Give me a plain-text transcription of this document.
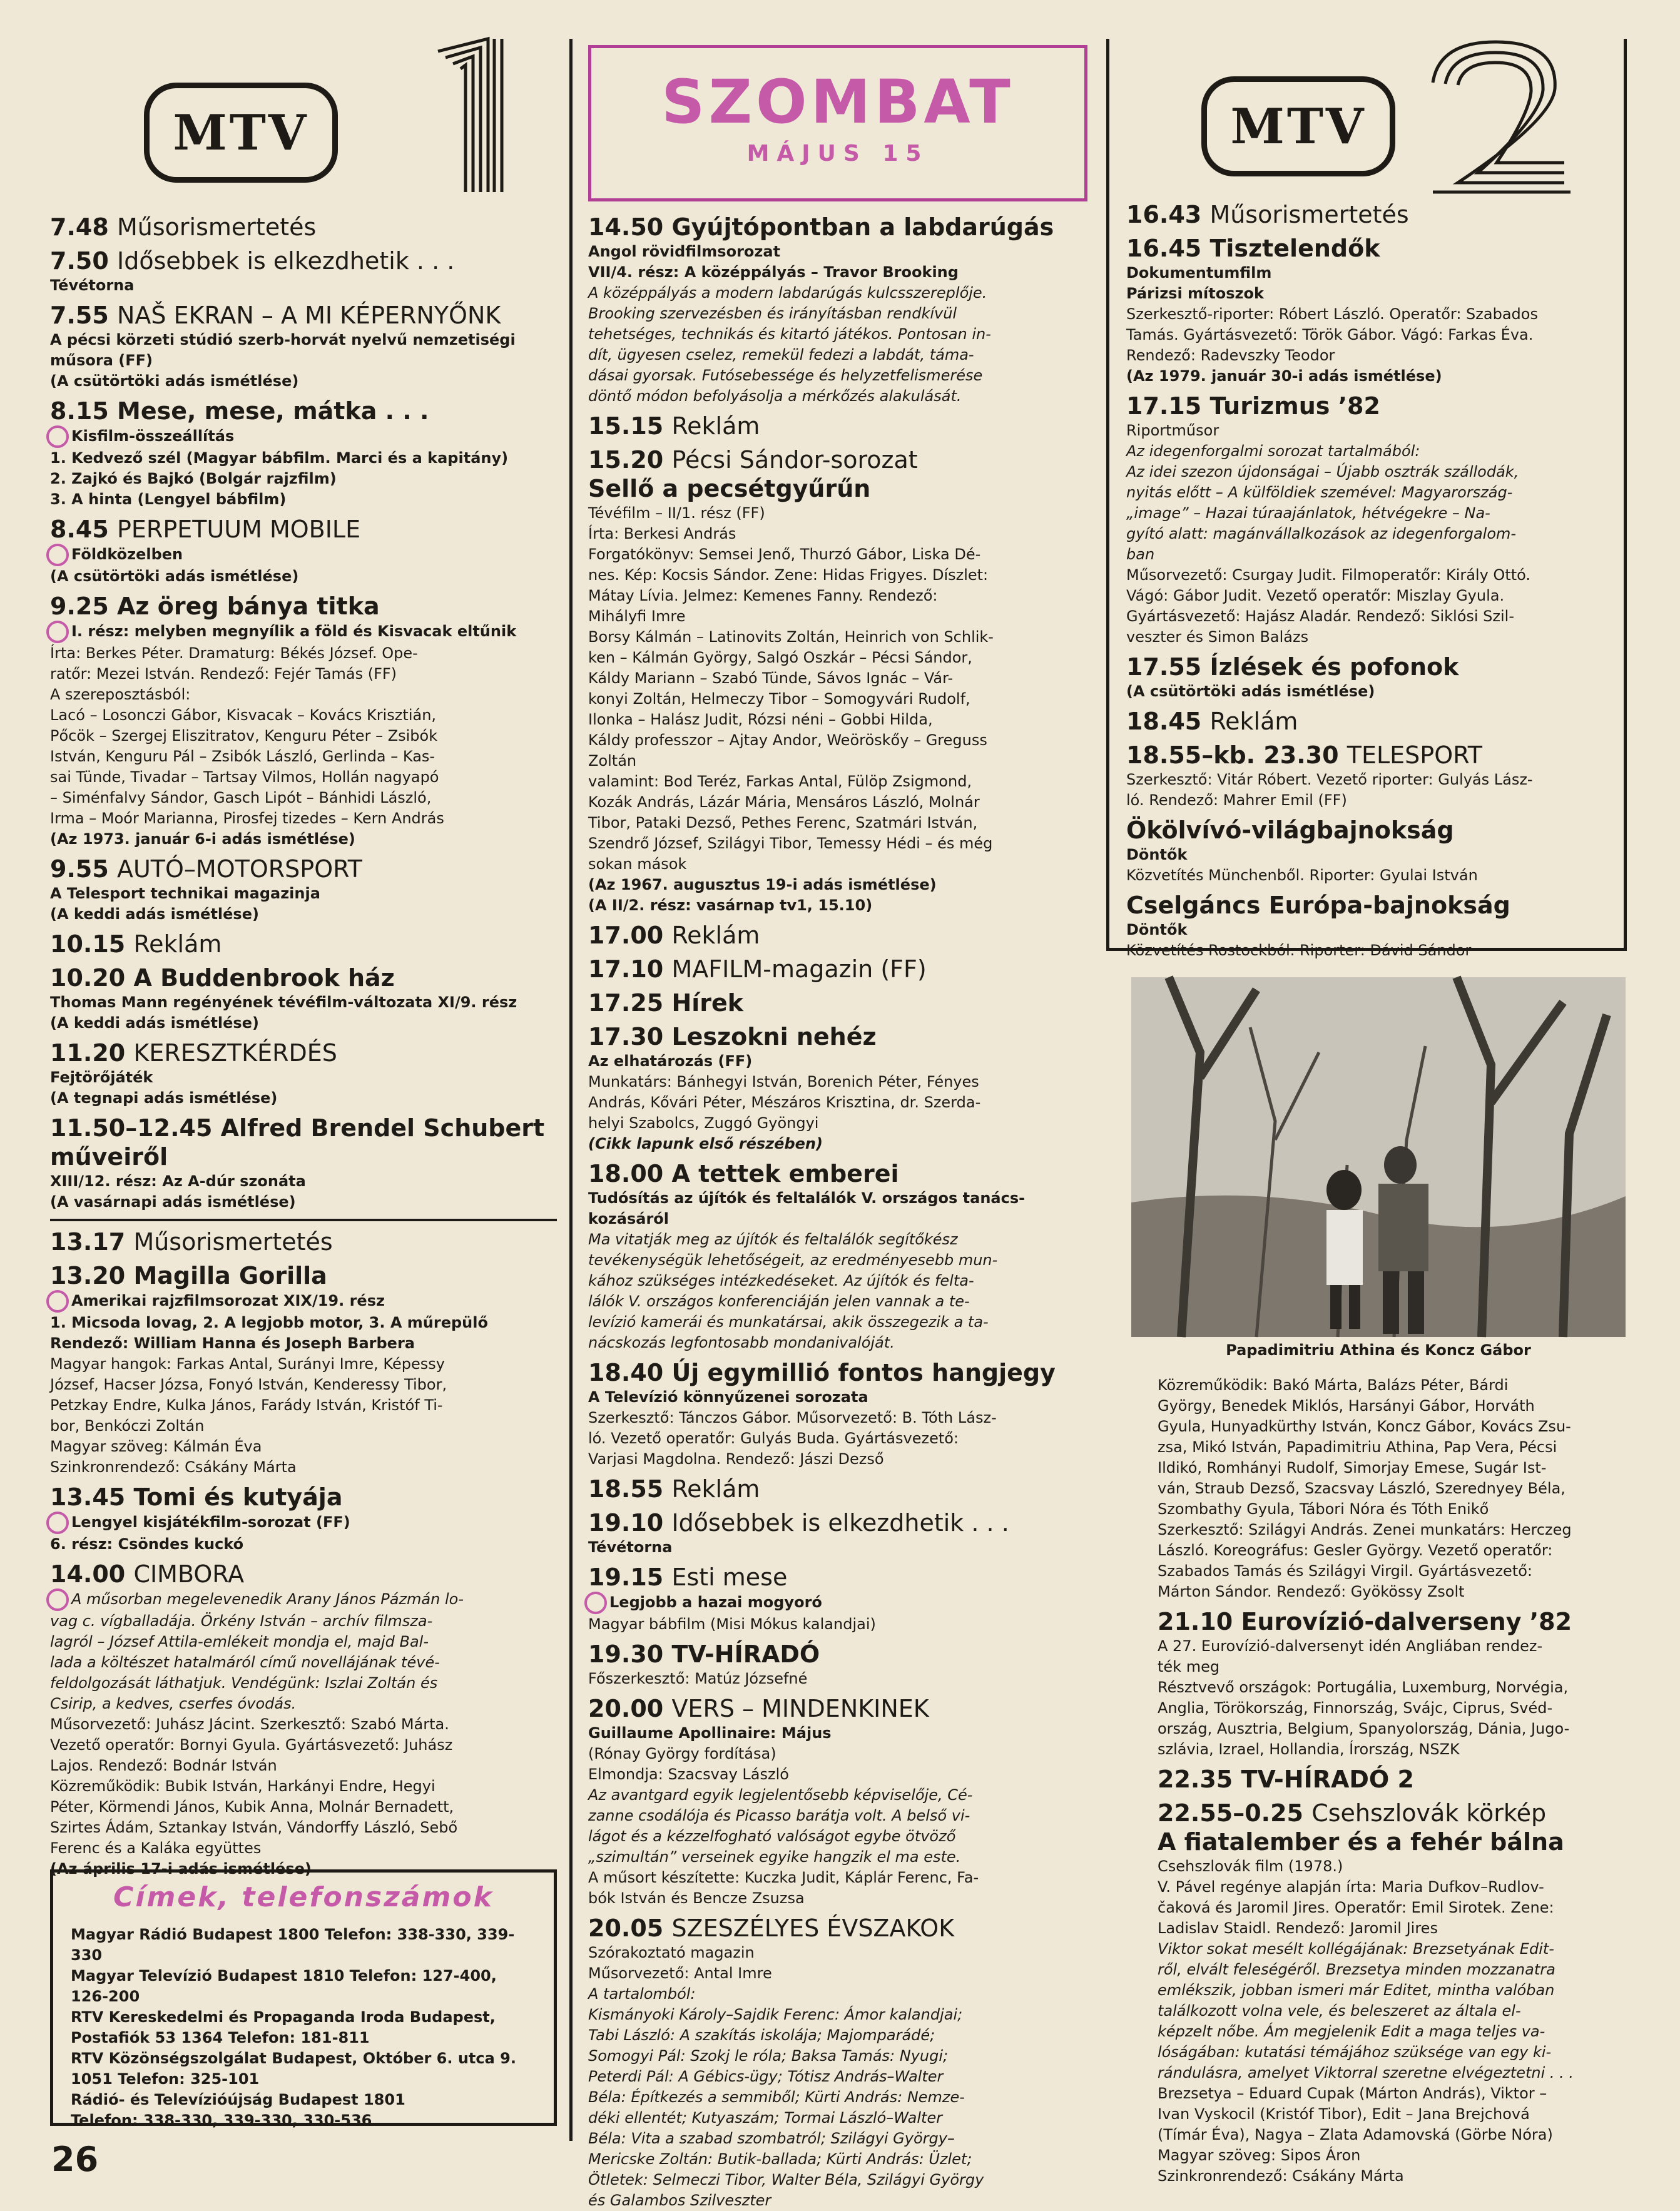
MTV
7.48 Műsorismertetés
7.50 Idősebbek is elkezdhetik . . .
Tévétorna
7.55 NAŠ EKRAN – A MI KÉPERNYŐNK
A pécsi körzeti stúdió szerb-horvát nyelvű nemzetiségi
műsora (FF)
(A csütörtöki adás ismétlése)
8.15 Mese, mese, mátka . . .
Kisfilm-összeállítás
1. Kedvező szél (Magyar bábfilm. Marci és a kapitány)
2. Zajkó és Bajkó (Bolgár rajzfilm)
3. A hinta (Lengyel bábfilm)
8.45 PERPETUUM MOBILE
Földközelben
(A csütörtöki adás ismétlése)
9.25 Az öreg bánya titka
I. rész: melyben megnyílik a föld és Kisvacak eltűnik
Írta: Berkes Péter. Dramaturg: Békés József. Ope-
ratőr: Mezei István. Rendező: Fejér Tamás (FF)
A szereposztásból:
Lacó – Losonczi Gábor, Kisvacak – Kovács Krisztián,
Pőcök – Szergej Eliszitratov, Kenguru Péter – Zsibók
István, Kenguru Pál – Zsibók László, Gerlinda – Kas-
sai Tünde, Tivadar – Tartsay Vilmos, Hollán nagyapó
– Siménfalvy Sándor, Gasch Lipót – Bánhidi László,
Irma – Moór Marianna, Pirosfej tizedes – Kern András
(Az 1973. január 6-i adás ismétlése)
9.55 AUTÓ–MOTORSPORT
A Telesport technikai magazinja
(A keddi adás ismétlése)
10.15 Reklám
10.20 A Buddenbrook ház
Thomas Mann regényének tévéfilm-változata XI/9. rész
(A keddi adás ismétlése)
11.20 KERESZTKÉRDÉS
Fejtörőjáték
(A tegnapi adás ismétlése)
11.50–12.45 Alfred Brendel Schubert
műveiről
XIII/12. rész: Az A-dúr szonáta
(A vasárnapi adás ismétlése)
13.17 Műsorismertetés
13.20 Magilla Gorilla
Amerikai rajzfilmsorozat XIX/19. rész
1. Micsoda lovag, 2. A legjobb motor, 3. A műrepülő
Rendező: William Hanna és Joseph Barbera
Magyar hangok: Farkas Antal, Surányi Imre, Képessy
József, Hacser Józsa, Fonyó István, Kenderessy Tibor,
Petzkay Endre, Kulka János, Farády István, Kristóf Ti-
bor, Benkóczi Zoltán
Magyar szöveg: Kálmán Éva
Szinkronrendező: Csákány Márta
13.45 Tomi és kutyája
Lengyel kisjátékfilm-sorozat (FF)
6. rész: Csöndes kuckó
14.00 CIMBORA
A műsorban megelevenedik Arany János Pázmán lo-
vag c. vígballadája. Örkény István – archív filmsza-
lagról – József Attila-emlékeit mondja el, majd Bal-
lada a költészet hatalmáról című novellájának tévé-
feldolgozását láthatjuk. Vendégünk: Iszlai Zoltán és
Csirip, a kedves, cserfes óvodás.
Műsorvezető: Juhász Jácint. Szerkesztő: Szabó Márta.
Vezető operatőr: Bornyi Gyula. Gyártásvezető: Juhász
Lajos. Rendező: Bodnár István
Közreműködik: Bubik István, Harkányi Endre, Hegyi
Péter, Körmendi János, Kubik Anna, Molnár Bernadett,
Szirtes Ádám, Sztankay István, Vándorffy László, Sebő
Ferenc és a Kaláka együttes
(Az április 17-i adás ismétlése)
Címek, telefonszámok
Magyar Rádió Budapest 1800 Telefon: 338-330, 339-330
Magyar Televízió Budapest 1810 Telefon: 127-400,
126-200
RTV Kereskedelmi és Propaganda Iroda Budapest,
Postafiók 53 1364 Telefon: 181-811
RTV Közönségszolgálat Budapest, Október 6. utca 9.
1051 Telefon: 325-101
Rádió- és Televízióújság Budapest 1801
Telefon: 338-330, 339-330, 330-536
26
SZOMBAT
MÁJUS 15
14.50 Gyújtópontban a labdarúgás
Angol rövidfilmsorozat
VII/4. rész: A középpályás – Travor Brooking
A középpályás a modern labdarúgás kulcsszereplője.
Brooking szervezésben és irányításban rendkívül
tehetséges, technikás és kitartó játékos. Pontosan in-
dít, ügyesen cselez, remekül fedezi a labdát, táma-
dásai gyorsak. Futósebessége és helyzetfelismerése
döntő módon befolyásolja a mérkőzés alakulását.
15.15 Reklám
15.20 Pécsi Sándor-sorozat
Sellő a pecsétgyűrűn
Tévéfilm – II/1. rész (FF)
Írta: Berkesi András
Forgatókönyv: Semsei Jenő, Thurzó Gábor, Liska Dé-
nes. Kép: Kocsis Sándor. Zene: Hidas Frigyes. Díszlet:
Mátay Lívia. Jelmez: Kemenes Fanny. Rendező:
Mihályfi Imre
Borsy Kálmán – Latinovits Zoltán, Heinrich von Schlik-
ken – Kálmán György, Salgó Oszkár – Pécsi Sándor,
Káldy Mariann – Szabó Tünde, Sávos Ignác – Vár-
konyi Zoltán, Helmeczy Tibor – Somogyvári Rudolf,
Ilonka – Halász Judit, Rózsi néni – Gobbi Hilda,
Káldy professzor – Ajtay Andor, Weöröskőy – Greguss
Zoltán
valamint: Bod Teréz, Farkas Antal, Fülöp Zsigmond,
Kozák András, Lázár Mária, Mensáros László, Molnár
Tibor, Pataki Dezső, Pethes Ferenc, Szatmári István,
Szendrő József, Szilágyi Tibor, Temessy Hédi – és még
sokan mások
(Az 1967. augusztus 19-i adás ismétlése)
(A II/2. rész: vasárnap tv1, 15.10)
17.00 Reklám
17.10 MAFILM-magazin (FF)
17.25 Hírek
17.30 Leszokni nehéz
Az elhatározás (FF)
Munkatárs: Bánhegyi István, Borenich Péter, Fényes
András, Kővári Péter, Mészáros Krisztina, dr. Szerda-
helyi Szabolcs, Zuggó Gyöngyi
(Cikk lapunk első részében)
18.00 A tettek emberei
Tudósítás az újítók és feltalálók V. országos tanács-
kozásáról
Ma vitatják meg az újítók és feltalálók segítőkész
tevékenységük lehetőségeit, az eredményesebb mun-
kához szükséges intézkedéseket. Az újítók és felta-
lálók V. országos konferenciáján jelen vannak a te-
levízió kamerái és munkatársai, akik összegezik a ta-
nácskozás legfontosabb mondanivalóját.
18.40 Új egymillió fontos hangjegy
A Televízió könnyűzenei sorozata
Szerkesztő: Tánczos Gábor. Műsorvezető: B. Tóth Lász-
ló. Vezető operatőr: Gulyás Buda. Gyártásvezető:
Varjasi Magdolna. Rendező: Jászi Dezső
18.55 Reklám
19.10 Idősebbek is elkezdhetik . . .
Tévétorna
19.15 Esti mese
Legjobb a hazai mogyoró
Magyar bábfilm (Misi Mókus kalandjai)
19.30 TV-HÍRADÓ
Főszerkesztő: Matúz Józsefné
20.00 VERS – MINDENKINEK
Guillaume Apollinaire: Május
(Rónay György fordítása)
Elmondja: Szacsvay László
Az avantgard egyik legjelentősebb képviselője, Cé-
zanne csodálója és Picasso barátja volt. A belső vi-
lágot és a kézzelfogható valóságot egybe ötvöző
„szimultán” verseinek egyike hangzik el ma este.
A műsort készítette: Kuczka Judit, Káplár Ferenc, Fa-
bók István és Bencze Zsuzsa
20.05 SZESZÉLYES ÉVSZAKOK
Szórakoztató magazin
Műsorvezető: Antal Imre
A tartalomból:
Kismányoki Károly–Sajdik Ferenc: Ámor kalandjai;
Tabi László: A szakítás iskolája; Majomparádé;
Somogyi Pál: Szokj le róla; Baksa Tamás: Nyugi;
Peterdi Pál: A Gébics-ügy; Tótisz András–Walter
Béla: Építkezés a semmiből; Kürti András: Nemze-
déki ellentét; Kutyaszám; Tormai László–Walter
Béla: Vita a szabad szombatról; Szilágyi György–
Mericske Zoltán: Butik-ballada; Kürti András: Üzlet;
Ötletek: Selmeczi Tibor, Walter Béla, Szilágyi György
és Galambos Szilveszter
MTV
16.43 Műsorismertetés
16.45 Tisztelendők
Dokumentumfilm
Párizsi mítoszok
Szerkesztő-riporter: Róbert László. Operatőr: Szabados
Tamás. Gyártásvezető: Török Gábor. Vágó: Farkas Éva.
Rendező: Radevszky Teodor
(Az 1979. január 30-i adás ismétlése)
17.15 Turizmus ’82
Riportműsor
Az idegenforgalmi sorozat tartalmából:
Az idei szezon újdonságai – Újabb osztrák szállodák,
nyitás előtt – A külföldiek szemével: Magyarország-
„image” – Hazai túraajánlatok, hétvégekre – Na-
gyító alatt: magánvállalkozások az idegenforgalom-
ban
Műsorvezető: Csurgay Judit. Filmoperatőr: Király Ottó.
Vágó: Gábor Judit. Vezető operatőr: Miszlay Gyula.
Gyártásvezető: Hajász Aladár. Rendező: Siklósi Szil-
veszter és Simon Balázs
17.55 Ízlések és pofonok
(A csütörtöki adás ismétlése)
18.45 Reklám
18.55–kb. 23.30 TELESPORT
Szerkesztő: Vitár Róbert. Vezető riporter: Gulyás Lász-
ló. Rendező: Mahrer Emil (FF)
Ökölvívó-világbajnokság
Döntők
Közvetítés Münchenből. Riporter: Gyulai István
Cselgáncs Európa-bajnokság
Döntők
Közvetítés Rostockból. Riporter: Dávid Sándor
Papadimitriu Athina és Koncz Gábor
Közreműködik: Bakó Márta, Balázs Péter, Bárdi
György, Benedek Miklós, Harsányi Gábor, Horváth
Gyula, Hunyadkürthy István, Koncz Gábor, Kovács Zsu-
zsa, Mikó István, Papadimitriu Athina, Pap Vera, Pécsi
Ildikó, Romhányi Rudolf, Simorjay Emese, Sugár Ist-
ván, Straub Dezső, Szacsvay László, Szerednyey Béla,
Szombathy Gyula, Tábori Nóra és Tóth Enikő
Szerkesztő: Szilágyi András. Zenei munkatárs: Herczeg
László. Koreográfus: Gesler György. Vezető operatőr:
Szabados Tamás és Szilágyi Virgil. Gyártásvezető:
Márton Sándor. Rendező: Gyökössy Zsolt
21.10 Eurovízió-dalverseny ’82
A 27. Eurovízió-dalversenyt idén Angliában rendez-
ték meg
Résztvevő országok: Portugália, Luxemburg, Norvégia,
Anglia, Törökország, Finnország, Svájc, Ciprus, Svéd-
ország, Ausztria, Belgium, Spanyolország, Dánia, Jugo-
szlávia, Izrael, Hollandia, Írország, NSZK
22.35 TV-HÍRADÓ 2
22.55–0.25 Csehszlovák körkép
A fiatalember és a fehér bálna
Csehszlovák film (1978.)
V. Pável regénye alapján írta: Maria Dufkov–Rudlov-
čaková és Jaromil Jires. Operatőr: Emil Sirotek. Zene:
Ladislav Staidl. Rendező: Jaromil Jires
Viktor sokat mesélt kollégájának: Brezsetyának Edit-
ről, elvált feleségéről. Brezsetya minden mozzanatra
emlékszik, jobban ismeri már Editet, mintha valóban
találkozott volna vele, és beleszeret az általa el-
képzelt nőbe. Ám megjelenik Edit a maga teljes va-
lóságában: kutatási témájához szüksége van egy ki-
rándulásra, amelyet Viktorral szeretne elvégeztetni . . .
Brezsetya – Eduard Cupak (Márton András), Viktor –
Ivan Vyskocil (Kristóf Tibor), Edit – Jana Brejchová
(Tímár Éva), Nagya – Zlata Adamovská (Görbe Nóra)
Magyar szöveg: Sipos Áron
Szinkronrendező: Csákány Márta
